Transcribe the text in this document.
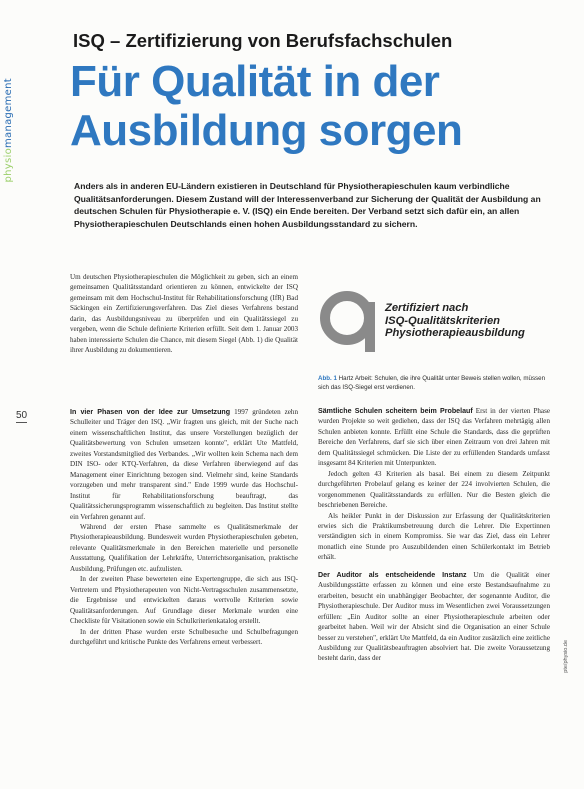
physiomanagement
ISQ – Zertifizierung von Berufsfachschulen
Für Qualität in der
Ausbildung sorgen
Anders als in anderen EU-Ländern existieren in Deutschland für Physiotherapieschulen kaum verbindliche Qualitätsanforderungen. Diesem Zustand will der Interessenverband zur Sicherung der Qualität der Ausbildung an deutschen Schulen für Physiotherapie e. V. (ISQ) ein Ende bereiten. Der Verband setzt sich dafür ein, an allen Physiotherapieschulen Deutschlands einen hohen Ausbildungsstandard zu sichern.
50

Um deutschen Physiotherapieschulen die Möglichkeit zu geben, sich an einem gemeinsamen Qualitätsstandard orientieren zu können, entwickelte der ISQ gemeinsam mit dem Hochschul-Institut für Rehabilitationsforschung (IfR) Bad Säckingen ein Zertifizierungsverfahren. Das Ziel dieses Verfahrens bestand darin, das Ausbildungsniveau zu überprüfen und ein Qualitätssiegel zu vergeben, wenn die Schule definierte Kriterien erfüllt. Seit dem 1. Januar 2003 haben interessierte Schulen die Chance, mit diesem Siegel (Abb. 1) die Qualität ihrer Ausbildung zu dokumentieren.

Zertifiziert nach
ISQ-Qualitätskriterien
Physiotherapieausbildung
Abb. 1 Hartz Arbeit: Schulen, die ihre Qualität unter Beweis stellen wollen, müssen sich das ISQ-Siegel erst verdienen.

In vier Phasen von der Idee zur Umsetzung 1997 gründeten zehn Schulleiter und Träger den ISQ. „Wir fragten uns gleich, mit der Suche nach einem wissenschaftlichen Institut, das unsere Vorstellungen bezüglich der Qualitätsbewertung von Schulen umsetzen konnte", erklärt Ute Mattfeld, zweites Vorstandsmitglied des Verbandes. „Wir wollten kein Schema nach dem DIN ISO- oder KTQ-Verfahren, da diese Verfahren überwiegend auf das Management einer Einrichtung bezogen sind. Vielmehr sind, keine Standards vorzugeben und mehr transparent sind." Ende 1999 wurde das Hochschul-Institut für Rehabilitationsforschung beauftragt, das Qualitätssicherungsprogramm wissenschaftlich zu begleiten. Das Institut stellte ein Verfahren genannt auf.

Während der ersten Phase sammelte es Qualitätsmerkmale der Physiotherapieausbildung. Bundesweit wurden Physiotherapieschulen gebeten, relevante Qualitätsmerkmale in den Bereichen materielle und personelle Ausstattung, Qualifikation der Lehrkräfte, Unterrichtsorganisation, praktische Ausbildung, Prüfungen etc. aufzulisten.

In der zweiten Phase bewerteten eine Expertengruppe, die sich aus ISQ-Vertretern und Physiotherapeuten von Nicht-Vertragsschulen zusammensetzte, die Ergebnisse und entwickelten daraus wertvolle Kriterien sowie Qualitätsanforderungen. Auf Grundlage dieser Merkmale wurden eine Checkliste für Visitationen sowie ein Schulkriterienkatalog erstellt.

In der dritten Phase wurden erste Schulbesuche und Schulbefragungen durchgeführt und kritische Punkte des Verfahrens erneut verbessert.

Sämtliche Schulen scheitern beim Probelauf Erst in der vierten Phase wurden Projekte so weit gediehen, dass der ISQ das Verfahren mehrtägig allen Schulen anbieten konnte. Erfüllt eine Schule die Standards, dass die geprüften Bereiche den Verfahrens, darf sie sich über einen Zeitraum von drei Jahren mit dem Qualitätssiegel schmücken. Die Liste der zu erfüllenden Standards umfasst insgesamt 84 Kriterien mit Unterpunkten.

Jedoch gelten 43 Kriterien als basal. Bei einem zu diesem Zeitpunkt durchgeführten Probelauf gelang es keiner der 224 involvierten Schulen, die vorgenommenen Qualitätsstandards zu erfüllen. Nur die Besten gleich die beschriebenen Bereiche.

Als heikler Punkt in der Diskussion zur Erfassung der Qualitätskriterien erwies sich die Praktikumsbetreuung durch die Lehrer. Die Expertinnen verständigten sich in einem Kompromiss. Sie war das Ziel, dass ein Lehrer monatlich eine Stunde pro Auszubildenden einen Schülerkontakt im Betrieb erhält.

Der Auditor als entscheidende Instanz Um die Qualität einer Ausbildungsstätte erfassen zu können und eine erste Bestandsaufnahme zu erarbeiten, besucht ein unabhängiger Beobachter, der sogenannte Auditor, die Physiotherapieschule. Der Auditor muss im Wesentlichen zwei Voraussetzungen erfüllen: „Ein Auditor sollte an einer Physiotherapieschule arbeiten oder gearbeitet haben. Weil wir der Absicht sind die Organisation an einer Schule besser zu verstehen", erklärt Ute Mattfeld, da ein Auditor zusätzlich eine zeitliche Ausbildung zur Qualitätsbeauftragten absolviert hat. Die zweite Voraussetzung besteht darin, dass der	pte/physio.de
